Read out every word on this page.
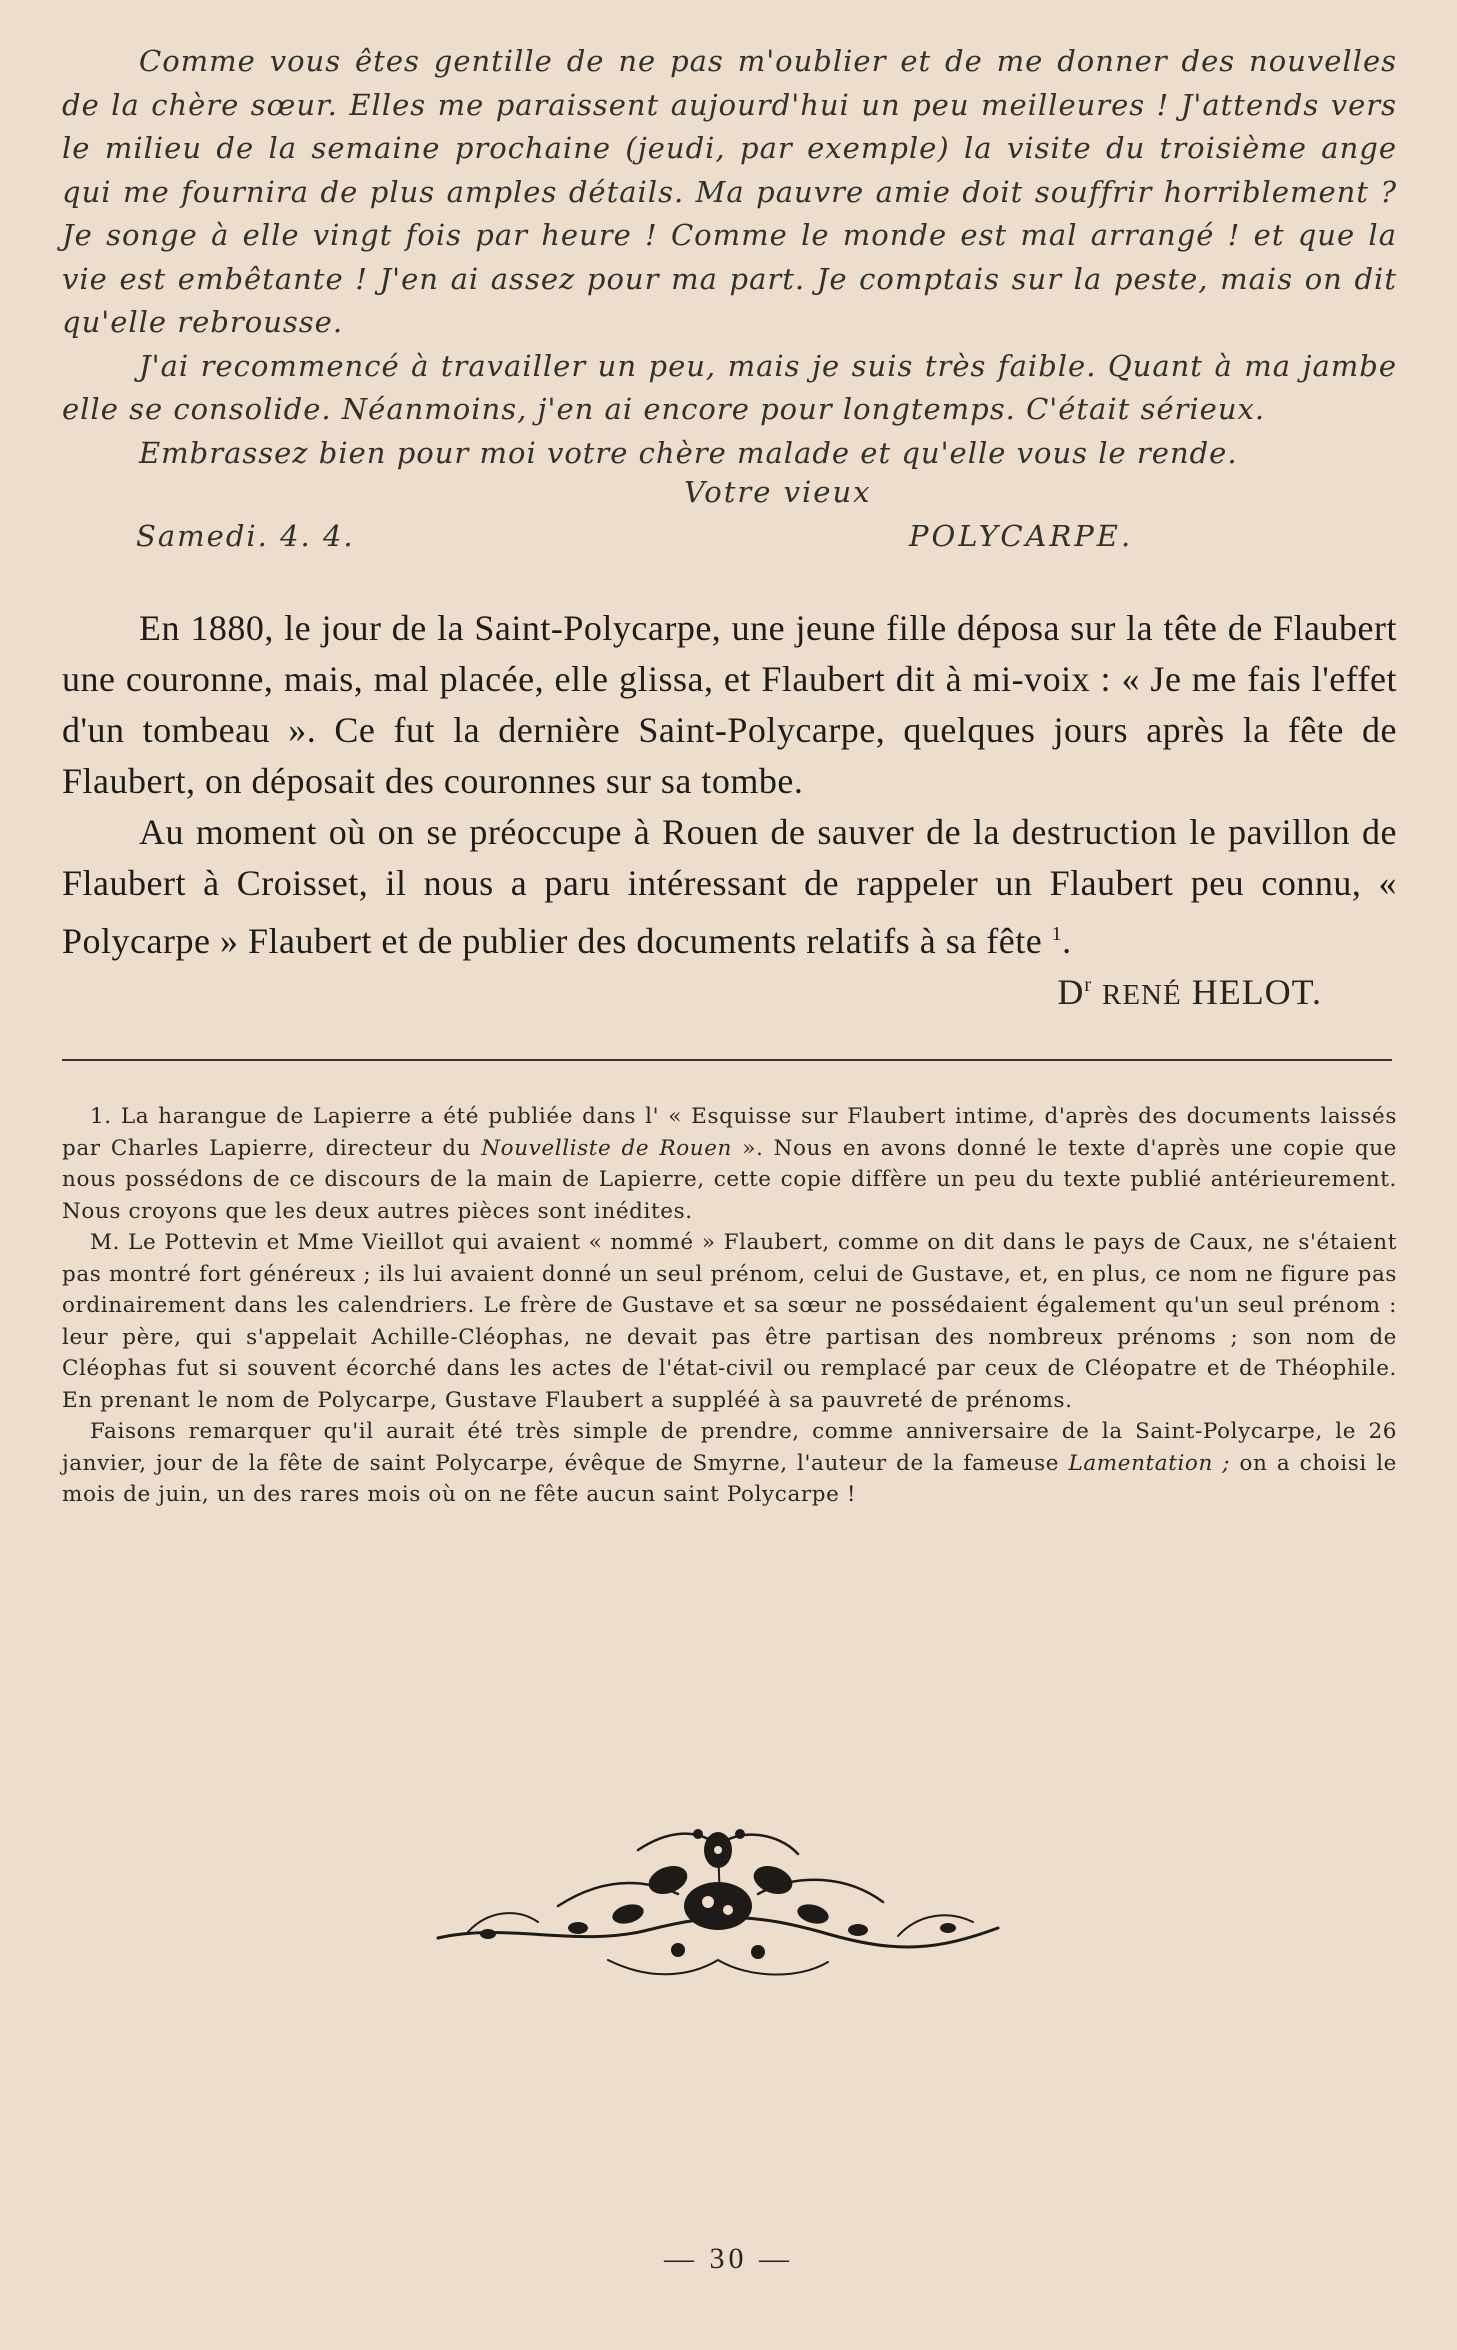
Comme vous êtes gentille de ne pas m'oublier et de me donner des nouvelles de la chère sœur. Elles me paraissent aujourd'hui un peu meilleures ! J'attends vers le milieu de la semaine prochaine (jeudi, par exemple) la visite du troisième ange qui me fournira de plus amples détails. Ma pauvre amie doit souffrir horriblement ? Je songe à elle vingt fois par heure ! Comme le monde est mal arrangé ! et que la vie est embêtante ! J'en ai assez pour ma part. Je comptais sur la peste, mais on dit qu'elle rebrousse.

J'ai recommencé à travailler un peu, mais je suis très faible. Quant à ma jambe elle se consolide. Néanmoins, j'en ai encore pour longtemps. C'était sérieux.

Embrassez bien pour moi votre chère malade et qu'elle vous le rende.

Votre vieux
Samedi. 4. 4.	POLYCARPE.

En 1880, le jour de la Saint-Polycarpe, une jeune fille déposa sur la tête de Flaubert une couronne, mais, mal placée, elle glissa, et Flaubert dit à mi-voix : « Je me fais l'effet d'un tombeau ». Ce fut la dernière Saint-Polycarpe, quelques jours après la fête de Flaubert, on déposait des couronnes sur sa tombe.

Au moment où on se préoccupe à Rouen de sauver de la destruction le pavillon de Flaubert à Croisset, il nous a paru intéressant de rappeler un Flaubert peu connu, « Polycarpe » Flaubert et de publier des documents relatifs à sa fête $^1$.

$D^r$ RENÉ HELOT.

1. La harangue de Lapierre a été publiée dans l' « Esquisse sur Flaubert intime, d'après des documents laissés par Charles Lapierre, directeur du Nouvelliste de Rouen ». Nous en avons donné le texte d'après une copie que nous possédons de ce discours de la main de Lapierre, cette copie diffère un peu du texte publié antérieurement. Nous croyons que les deux autres pièces sont inédites.

M. Le Pottevin et Mme Vieillot qui avaient « nommé » Flaubert, comme on dit dans le pays de Caux, ne s'étaient pas montré fort généreux ; ils lui avaient donné un seul prénom, celui de Gustave, et, en plus, ce nom ne figure pas ordinairement dans les calendriers. Le frère de Gustave et sa sœur ne possédaient également qu'un seul prénom : leur père, qui s'appelait Achille-Cléophas, ne devait pas être partisan des nombreux prénoms ; son nom de Cléophas fut si souvent écorché dans les actes de l'état-civil ou remplacé par ceux de Cléopatre et de Théophile. En prenant le nom de Polycarpe, Gustave Flaubert a suppléé à sa pauvreté de prénoms.

Faisons remarquer qu'il aurait été très simple de prendre, comme anniversaire de la Saint-Polycarpe, le 26 janvier, jour de la fête de saint Polycarpe, évêque de Smyrne, l'auteur de la fameuse Lamentation ; on a choisi le mois de juin, un des rares mois où on ne fête aucun saint Polycarpe !

— 30 —
